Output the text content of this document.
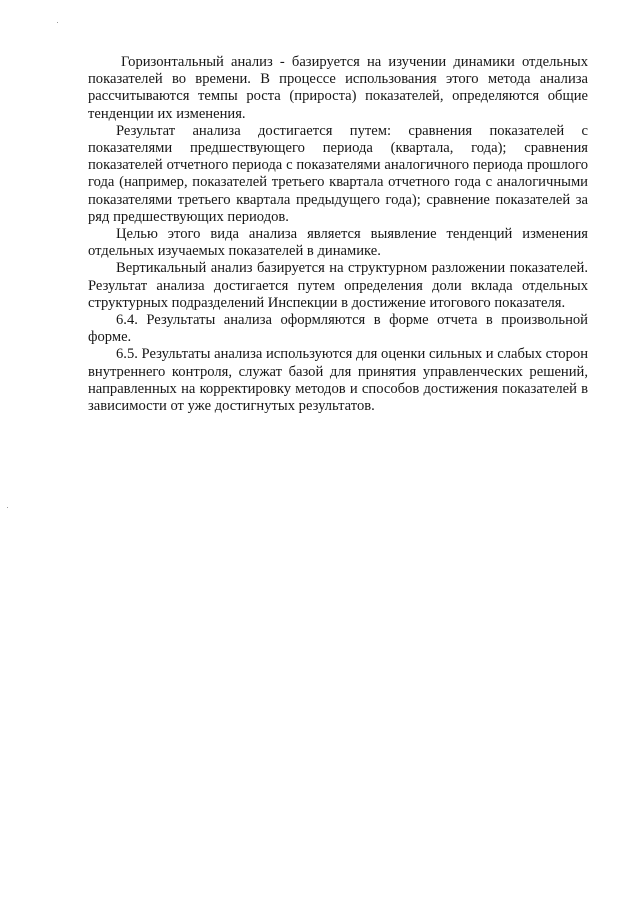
Горизонтальный анализ - базируется на изучении динамики отдельных показателей во времени. В процессе использования этого метода анализа рассчитываются темпы роста (прироста) показателей, определяются общие тенденции их изменения.

Результат анализа достигается путем: сравнения показателей с показателями предшествующего периода (квартала, года); сравнения показателей отчетного периода с показателями аналогичного периода прошлого года (например, показателей третьего квартала отчетного года с аналогичными показателями третьего квартала предыдущего года); сравнение показателей за ряд предшествующих периодов.

Целью этого вида анализа является выявление тенденций изменения отдельных изучаемых показателей в динамике.

Вертикальный анализ базируется на структурном разложении показателей. Результат анализа достигается путем определения доли вклада отдельных структурных подразделений Инспекции в достижение итогового показателя.

6.4. Результаты анализа оформляются в форме отчета в произвольной форме.

6.5. Результаты анализа используются для оценки сильных и слабых сторон внутреннего контроля, служат базой для принятия управленческих решений, направленных на корректировку методов и способов достижения показателей в зависимости от уже достигнутых результатов.
